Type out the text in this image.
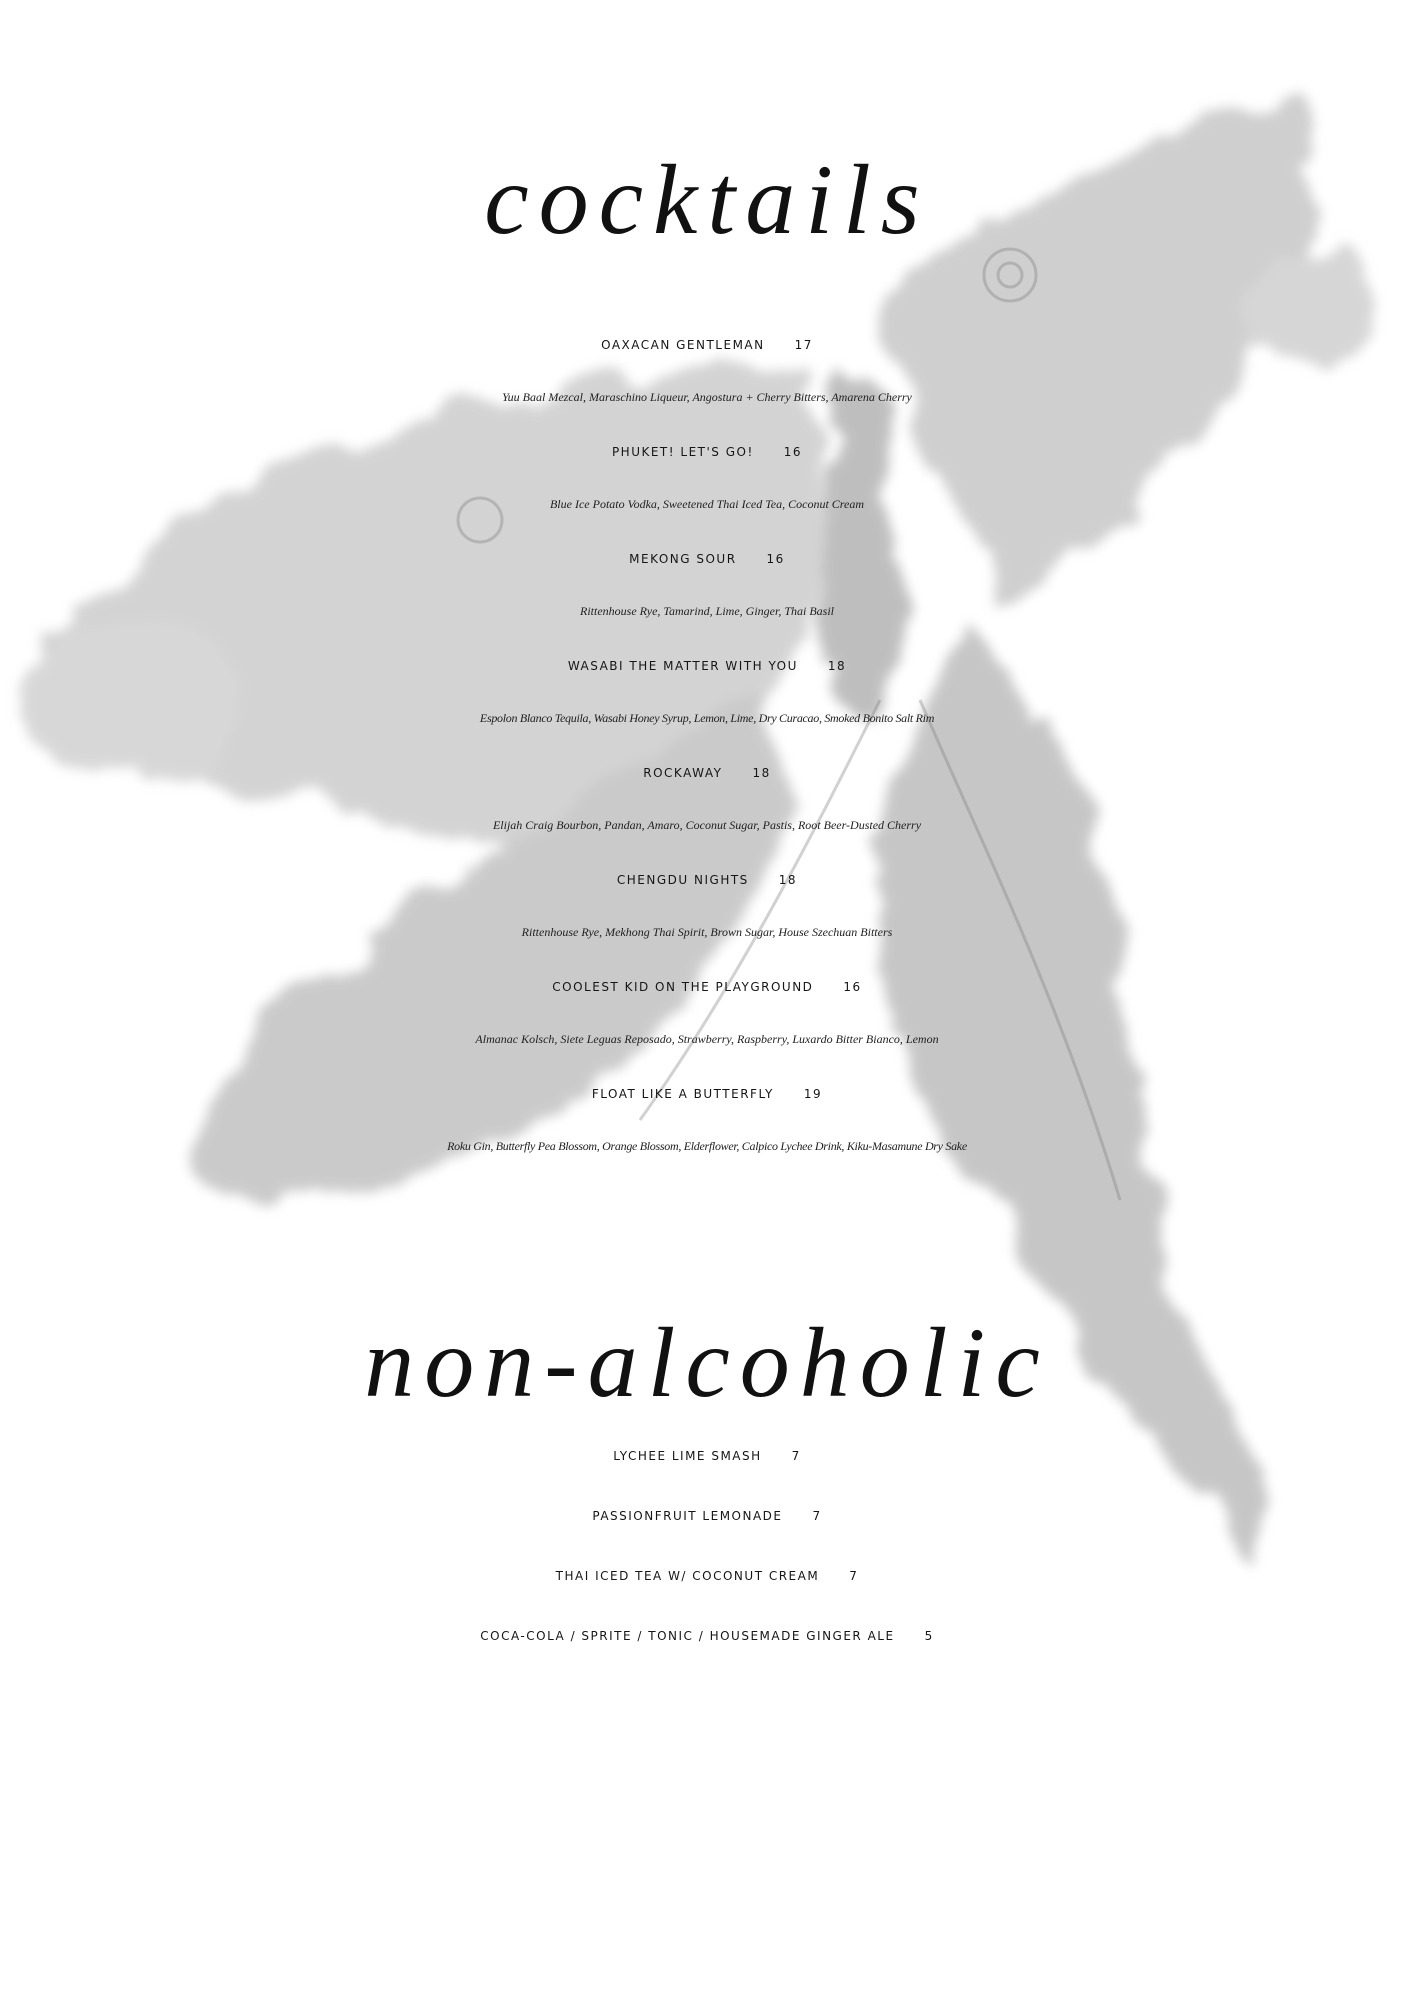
cocktails

OAXACAN GENTLEMAN	17

Yuu Baal Mezcal, Maraschino Liqueur, Angostura + Cherry Bitters, Amarena Cherry

PHUKET! LET'S GO!	16

Blue Ice Potato Vodka, Sweetened Thai Iced Tea, Coconut Cream

MEKONG SOUR	16

Rittenhouse Rye, Tamarind, Lime, Ginger, Thai Basil

WASABI THE MATTER WITH YOU	18

Espolon Blanco Tequila, Wasabi Honey Syrup, Lemon, Lime, Dry Curacao, Smoked Bonito Salt Rim

ROCKAWAY	18

Elijah Craig Bourbon, Pandan, Amaro, Coconut Sugar, Pastis, Root Beer-Dusted Cherry

CHENGDU NIGHTS	18

Rittenhouse Rye, Mekhong Thai Spirit, Brown Sugar, House Szechuan Bitters

COOLEST KID ON THE PLAYGROUND	16

Almanac Kolsch, Siete Leguas Reposado, Strawberry, Raspberry, Luxardo Bitter Bianco, Lemon

FLOAT LIKE A BUTTERFLY	19

Roku Gin, Butterfly Pea Blossom, Orange Blossom, Elderflower, Calpico Lychee Drink, Kiku-Masamune Dry Sake

non-alcoholic
LYCHEE LIME SMASH	7
PASSIONFRUIT LEMONADE	7
THAI ICED TEA W/ COCONUT CREAM	7
COCA-COLA / SPRITE / TONIC / HOUSEMADE GINGER ALE	5
